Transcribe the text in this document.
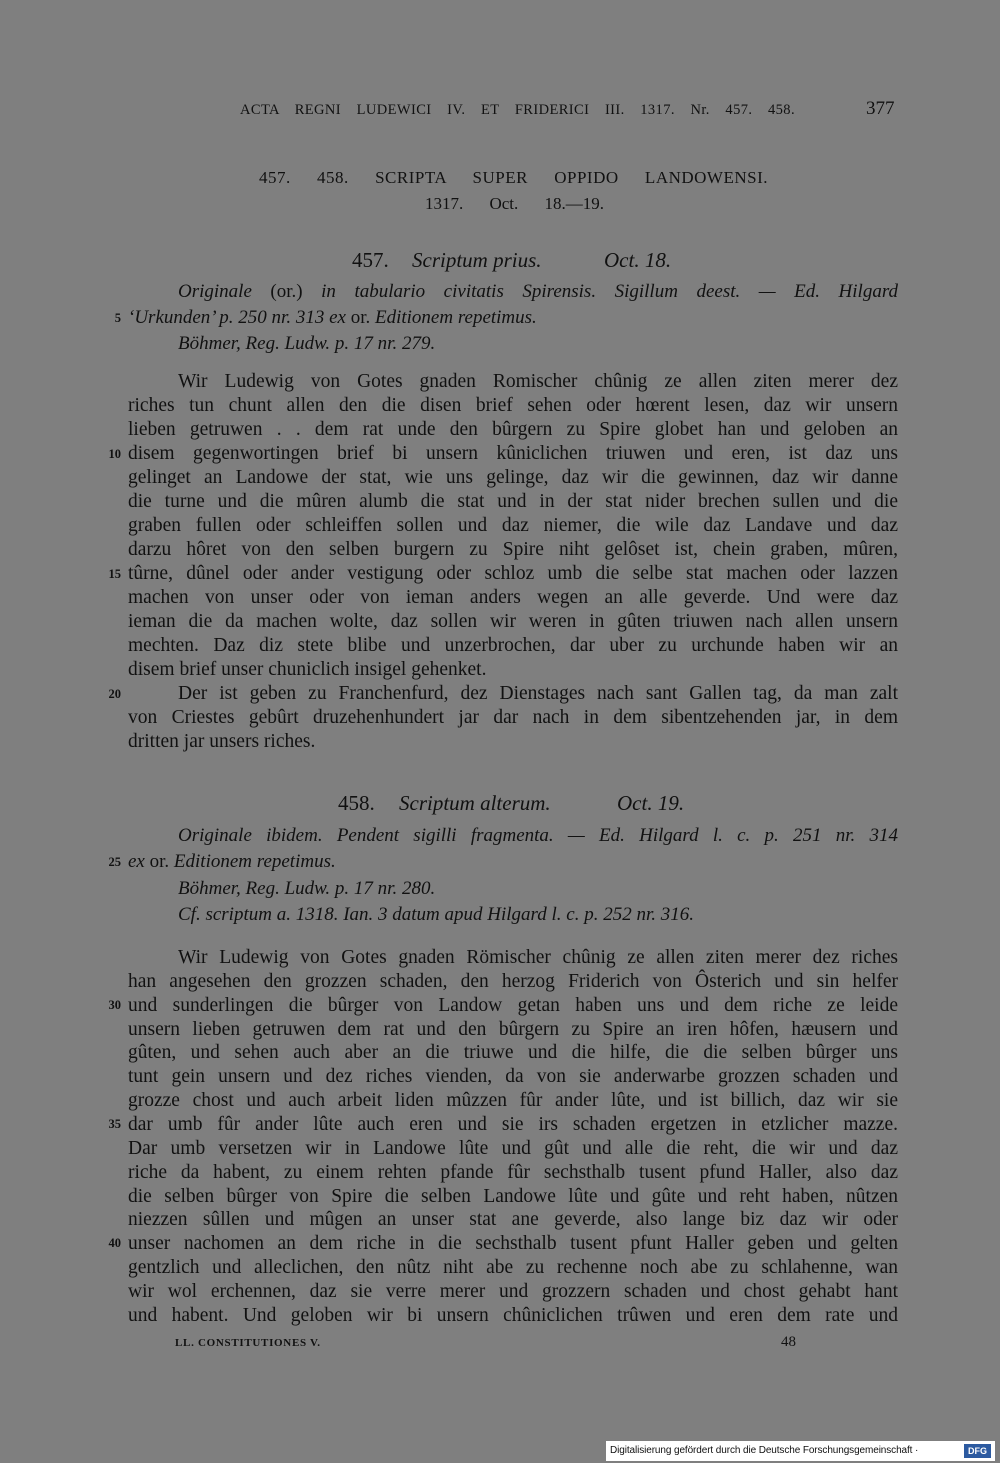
ACTA REGNI LUDEWICI IV. ET FRIDERICI III. 1317. Nr. 457. 458.	377
457. 458. SCRIPTA SUPER OPPIDO LANDOWENSI.
1317. Oct. 18.—19.
457. Scriptum prius.	Oct. 18.
Originale (or.) in tabulario civitatis Spirensis. Sigillum deest. — Ed. Hilgard
5 ‘Urkunden’ p. 250 nr. 313 ex or. Editionem repetimus.
Böhmer, Reg. Ludw. p. 17 nr. 279.
Wir Ludewig von Gotes gnaden Romischer chûnig ze allen ziten merer dez
riches tun chunt allen den die disen brief sehen oder hœrent lesen, daz wir unsern
lieben getruwen . . dem rat unde den bûrgern zu Spire globet han und geloben an
10 disem gegenwortingen brief bi unsern kûniclichen triuwen und eren, ist daz uns
gelinget an Landowe der stat, wie uns gelinge, daz wir die gewinnen, daz wir danne
die turne und die mûren alumb die stat und in der stat nider brechen sullen und die
graben fullen oder schleiffen sollen und daz niemer, die wile daz Landave und daz
darzu hôret von den selben burgern zu Spire niht gelôset ist, chein graben, mûren,
15 tûrne, dûnel oder ander vestigung oder schloz umb die selbe stat machen oder lazzen
machen von unser oder von ieman anders wegen an alle geverde. Und were daz
ieman die da machen wolte, daz sollen wir weren in gûten triuwen nach allen unsern
mechten. Daz diz stete blibe und unzerbrochen, dar uber zu urchunde haben wir an
disem brief unser chuniclich insigel gehenket.
20	Der ist geben zu Franchenfurd, dez Dienstages nach sant Gallen tag, da man zalt
von Criestes gebûrt druzehenhundert jar dar nach in dem sibentzehenden jar, in dem
dritten jar unsers riches.
458. Scriptum alterum.	Oct. 19.
Originale ibidem. Pendent sigilli fragmenta. — Ed. Hilgard l. c. p. 251 nr. 314
25 ex or. Editionem repetimus.
Böhmer, Reg. Ludw. p. 17 nr. 280.
Cf. scriptum a. 1318. Ian. 3 datum apud Hilgard l. c. p. 252 nr. 316.
Wir Ludewig von Gotes gnaden Römischer chûnig ze allen ziten merer dez riches
han angesehen den grozzen schaden, den herzog Friderich von Ôsterich und sin helfer
30 und sunderlingen die bûrger von Landow getan haben uns und dem riche ze leide
unsern lieben getruwen dem rat und den bûrgern zu Spire an iren hôfen, hæusern und
gûten, und sehen auch aber an die triuwe und die hilfe, die die selben bûrger uns
tunt gein unsern und dez riches vienden, da von sie anderwarbe grozzen schaden und
grozze chost und auch arbeit liden mûzzen fûr ander lûte, und ist billich, daz wir sie
35 dar umb fûr ander lûte auch eren und sie irs schaden ergetzen in etzlicher mazze.
Dar umb versetzen wir in Landowe lûte und gût und alle die reht, die wir und daz
riche da habent, zu einem rehten pfande fûr sechsthalb tusent pfund Haller, also daz
die selben bûrger von Spire die selben Landowe lûte und gûte und reht haben, nûtzen
niezzen sûllen und mûgen an unser stat ane geverde, also lange biz daz wir oder
40 unser nachomen an dem riche in die sechsthalb tusent pfunt Haller geben und gelten
gentzlich und alleclichen, den nûtz niht abe zu rechenne noch abe zu schlahenne, wan
wir wol erchennen, daz sie verre merer und grozzern schaden und chost gehabt hant
und habent. Und geloben wir bi unsern chûniclichen trûwen und eren dem rate und
LL. CONSTITUTIONES V.	48
Digitalisierung gefördert durch die Deutsche Forschungsgemeinschaft ·	DFG
